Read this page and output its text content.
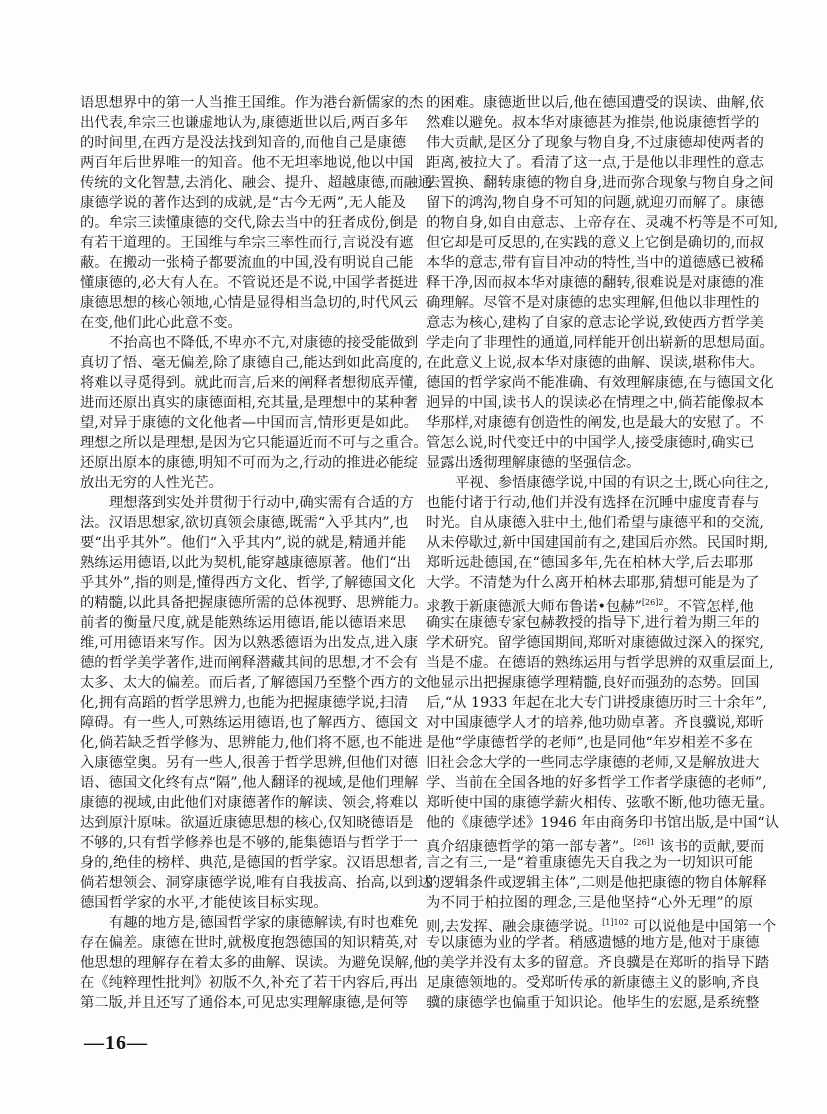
语思想界中的第一人当推王国维。作为港台新儒家的杰
出代表,牟宗三也谦虚地认为,康德逝世以后,两百多年
的时间里,在西方是没法找到知音的,而他自己是康德
两百年后世界唯一的知音。他不无坦率地说,他以中国
传统的文化智慧,去消化、融会、提升、超越康德,而融通
康德学说的著作达到的成就,是“古今无两”,无人能及
的。牟宗三读懂康德的交代,除去当中的狂者成份,倒是
有若干道理的。王国维与牟宗三率性而行,言说没有遮
蔽。在搬动一张椅子都要流血的中国,没有明说自己能
懂康德的,必大有人在。不管说还是不说,中国学者挺进
康德思想的核心领地,心情是显得相当急切的,时代风云
在变,他们此心此意不变。
不抬高也不降低,不卑亦不亢,对康德的接受能做到
真切了悟、毫无偏差,除了康德自己,能达到如此高度的,
将难以寻觅得到。就此而言,后来的阐释者想彻底弄懂,
进而还原出真实的康德面相,充其量,是理想中的某种奢
望,对异于康德的文化他者—中国而言,情形更是如此。
理想之所以是理想,是因为它只能逼近而不可与之重合。
还原出原本的康德,明知不可而为之,行动的推进必能绽
放出无穷的人性光芒。
理想落到实处并贯彻于行动中,确实需有合适的方
法。汉语思想家,欲切真领会康德,既需“入乎其内”,也
要“出乎其外”。他们“入乎其内”,说的就是,精通并能
熟练运用德语,以此为契机,能穿越康德原著。他们“出
乎其外”,指的则是,懂得西方文化、哲学,了解德国文化
的精髓,以此具备把握康德所需的总体视野、思辨能力。
前者的衡量尺度,就是能熟练运用德语,能以德语来思
维,可用德语来写作。因为以熟悉德语为出发点,进入康
德的哲学美学著作,进而阐释潜藏其间的思想,才不会有
太多、太大的偏差。而后者,了解德国乃至整个西方的文
化,拥有高蹈的哲学思辨力,也能为把握康德学说,扫清
障碍。有一些人,可熟练运用德语,也了解西方、德国文
化,倘若缺乏哲学修为、思辨能力,他们将不愿,也不能进
入康德堂奥。另有一些人,很善于哲学思辨,但他们对德
语、德国文化终有点“隔”,他人翻译的视域,是他们理解
康德的视域,由此他们对康德著作的解读、领会,将难以
达到原汁原味。欲逼近康德思想的核心,仅知晓德语是
不够的,只有哲学修养也是不够的,能集德语与哲学于一
身的,绝佳的榜样、典范,是德国的哲学家。汉语思想者,
倘若想领会、洞穿康德学说,唯有自我拔高、抬高,以到达
德国哲学家的水平,才能使该目标实现。
有趣的地方是,德国哲学家的康德解读,有时也难免
存在偏差。康德在世时,就极度抱怨德国的知识精英,对
他思想的理解存在着太多的曲解、误读。为避免误解,他
在《纯粹理性批判》初版不久,补充了若干内容后,再出
第二版,并且还写了通俗本,可见忠实理解康德,是何等
的困难。康德逝世以后,他在德国遭受的误读、曲解,依
然难以避免。叔本华对康德甚为推崇,他说康德哲学的
伟大贡献,是区分了现象与物自身,不过康德却使两者的
距离,被拉大了。看清了这一点,于是他以非理性的意志
去置换、翻转康德的物自身,进而弥合现象与物自身之间
留下的鸿沟,物自身不可知的问题,就迎刃而解了。康德
的物自身,如自由意志、上帝存在、灵魂不朽等是不可知,
但它却是可反思的,在实践的意义上它倒是确切的,而叔
本华的意志,带有盲目冲动的特性,当中的道德感已被稀
释干净,因而叔本华对康德的翻转,很难说是对康德的准
确理解。尽管不是对康德的忠实理解,但他以非理性的
意志为核心,建构了自家的意志论学说,致使西方哲学美
学走向了非理性的通道,同样能开创出崭新的思想局面。
在此意义上说,叔本华对康德的曲解、误读,堪称伟大。
德国的哲学家尚不能准确、有效理解康德,在与德国文化
迥异的中国,读书人的误读必在情理之中,倘若能像叔本
华那样,对康德有创造性的阐发,也是最大的安慰了。不
管怎么说,时代变迁中的中国学人,接受康德时,确实已
显露出透彻理解康德的坚强信念。
平视、参悟康德学说,中国的有识之士,既心向往之,
也能付诸于行动,他们并没有选择在沉睡中虚度青春与
时光。自从康德入驻中土,他们希望与康德平和的交流,
从未停歇过,新中国建国前有之,建国后亦然。民国时期,
郑昕远赴德国,在“德国多年,先在柏林大学,后去耶那
大学。不清楚为什么离开柏林去耶那,猜想可能是为了
求教于新康德派大师布鲁诺•包赫”$^{[26]2}$。不管怎样,他
确实在康德专家包赫教授的指导下,进行着为期三年的
学术研究。留学德国期间,郑昕对康德做过深入的探究,
当是不虚。在德语的熟练运用与哲学思辨的双重层面上,
他显示出把握康德学理精髓,良好而强劲的态势。回国
后,“从 1933 年起在北大专门讲授康德历时三十余年”,
对中国康德学人才的培养,他功勋卓著。齐良骥说,郑昕
是他“学康德哲学的老师”,也是同他“年岁相差不多在
旧社会念大学的一些同志学康德的老师,又是解放进大
学、当前在全国各地的好多哲学工作者学康德的老师”,
郑昕使中国的康德学薪火相传、弦歌不断,他功德无量。
他的《康德学述》1946 年由商务印书馆出版,是中国“认
真介绍康德哲学的第一部专著”。$^{[26]1}$ 该书的贡献,要而
言之有三,一是“着重康德先天自我之为一切知识可能
的逻辑条件或逻辑主体”,二则是他把康德的物自体解释
为不同于柏拉图的理念,三是他坚持“心外无理”的原
则,去发挥、融会康德学说。$^{[1]102}$ 可以说他是中国第一个
专以康德为业的学者。稍感遗憾的地方是,他对于康德
的美学并没有太多的留意。齐良骥是在郑昕的指导下踏
足康德领地的。受郑昕传承的新康德主义的影响,齐良
骥的康德学也偏重于知识论。他毕生的宏愿,是系统整
—16—
